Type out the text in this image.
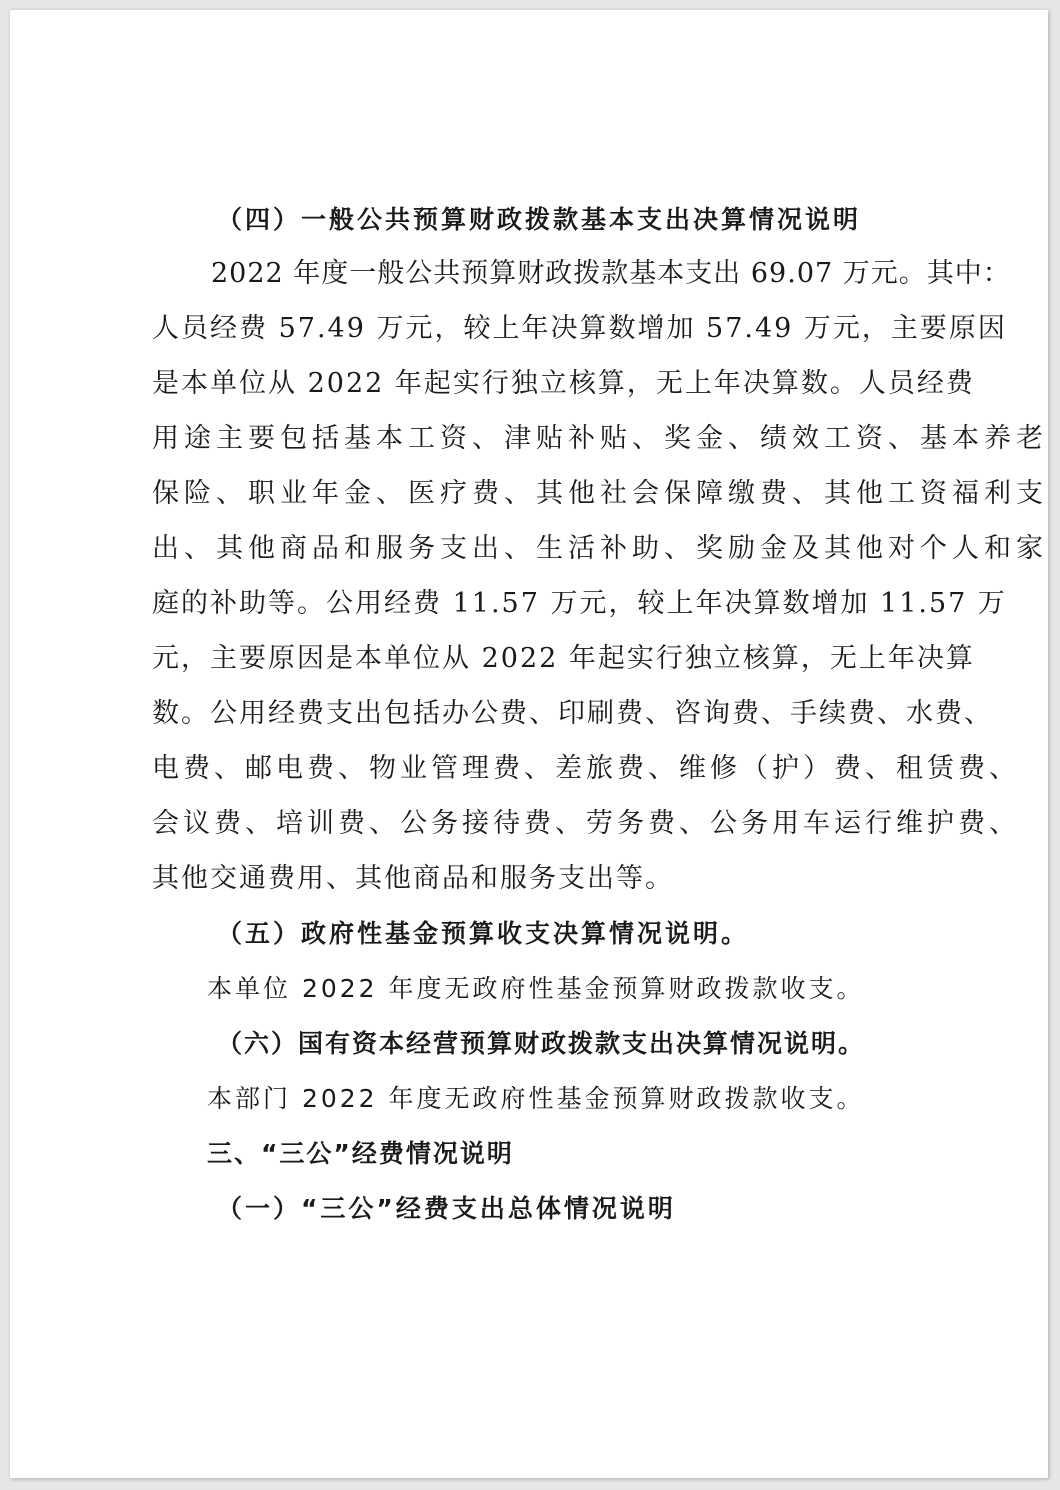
（四）一般公共预算财政拨款基本支出决算情况说明
2022 年度一般公共预算财政拨款基本支出 69.07 万元。其中：
人员经费 57.49 万元，较上年决算数增加 57.49 万元，主要原因
是本单位从 2022 年起实行独立核算，无上年决算数。人员经费
用途主要包括基本工资、津贴补贴、奖金、绩效工资、基本养老
保险、职业年金、医疗费、其他社会保障缴费、其他工资福利支
出、其他商品和服务支出、生活补助、奖励金及其他对个人和家
庭的补助等。公用经费 11.57 万元，较上年决算数增加 11.57 万
元，主要原因是本单位从 2022 年起实行独立核算，无上年决算
数。公用经费支出包括办公费、印刷费、咨询费、手续费、水费、
电费、邮电费、物业管理费、差旅费、维修（护）费、租赁费、
会议费、培训费、公务接待费、劳务费、公务用车运行维护费、
其他交通费用、其他商品和服务支出等。
（五）政府性基金预算收支决算情况说明。
本单位 2022 年度无政府性基金预算财政拨款收支。
（六）国有资本经营预算财政拨款支出决算情况说明。
本部门 2022 年度无政府性基金预算财政拨款收支。
三、“三公”经费情况说明
（一）“三公”经费支出总体情况说明
